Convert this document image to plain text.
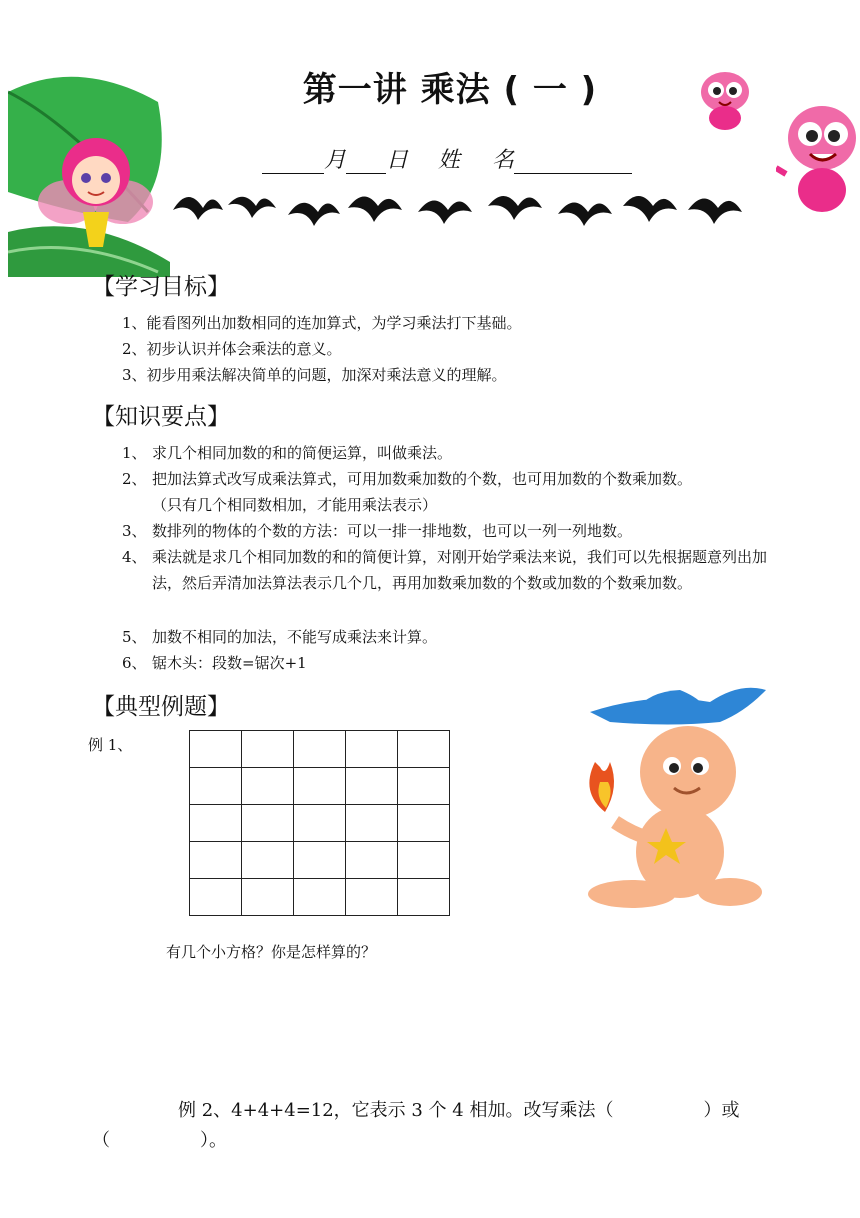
第一讲 乘法 ( 一 )
月 日 姓 名
【学习目标】
1、能看图列出加数相同的连加算式，为学习乘法打下基础。
2、初步认识并体会乘法的意义。
3、初步用乘法解决简单的问题，加深对乘法意义的理解。
【知识要点】
1、 求几个相同加数的和的简便运算，叫做乘法。
2、 把加法算式改写成乘法算式，可用加数乘加数的个数，也可用加数的个数乘加数。
（只有几个相同数相加，才能用乘法表示）
3、 数排列的物体的个数的方法：可以一排一排地数，也可以一列一列地数。
4、 乘法就是求几个相同加数的和的简便计算，对刚开始学乘法来说，我们可以先根据题意列出加法，然后弄清加法算法表示几个几，再用加数乘加数的个数或加数的个数乘加数。
5、 加数不相同的加法，不能写成乘法来计算。
6、 锯木头：段数=锯次+1
【典型例题】
例 1、

有几个小方格？你是怎样算的？
例 2、4+4+4=12，它表示 3 个 4 相加。改写乘法（　　　　　）或
（　　　　　）。
